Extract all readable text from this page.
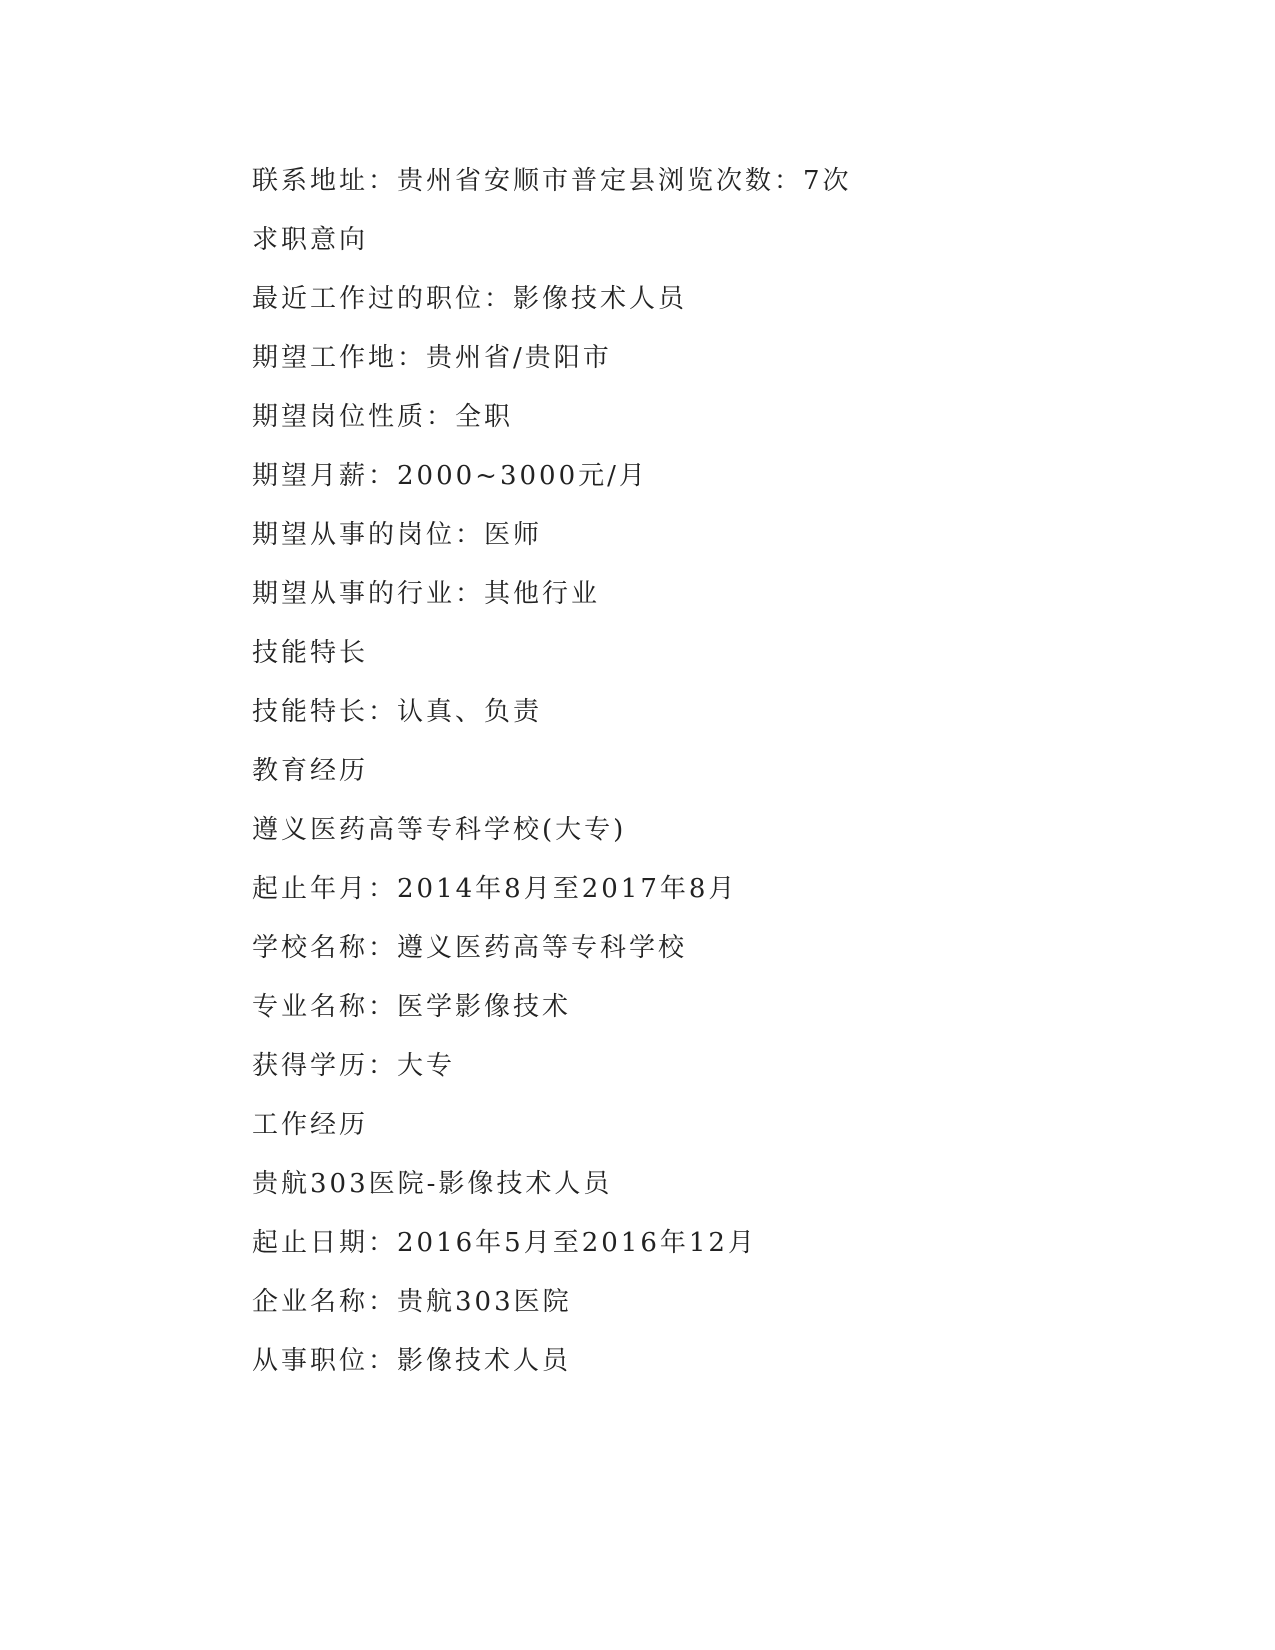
联系地址：贵州省安顺市普定县浏览次数：7次
求职意向
最近工作过的职位：影像技术人员
期望工作地：贵州省/贵阳市
期望岗位性质：全职
期望月薪：2000~3000元/月
期望从事的岗位：医师
期望从事的行业：其他行业
技能特长
技能特长：认真、负责
教育经历
遵义医药高等专科学校(大专)
起止年月：2014年8月至2017年8月
学校名称：遵义医药高等专科学校
专业名称：医学影像技术
获得学历：大专
工作经历
贵航303医院-影像技术人员
起止日期：2016年5月至2016年12月
企业名称：贵航303医院
从事职位：影像技术人员
